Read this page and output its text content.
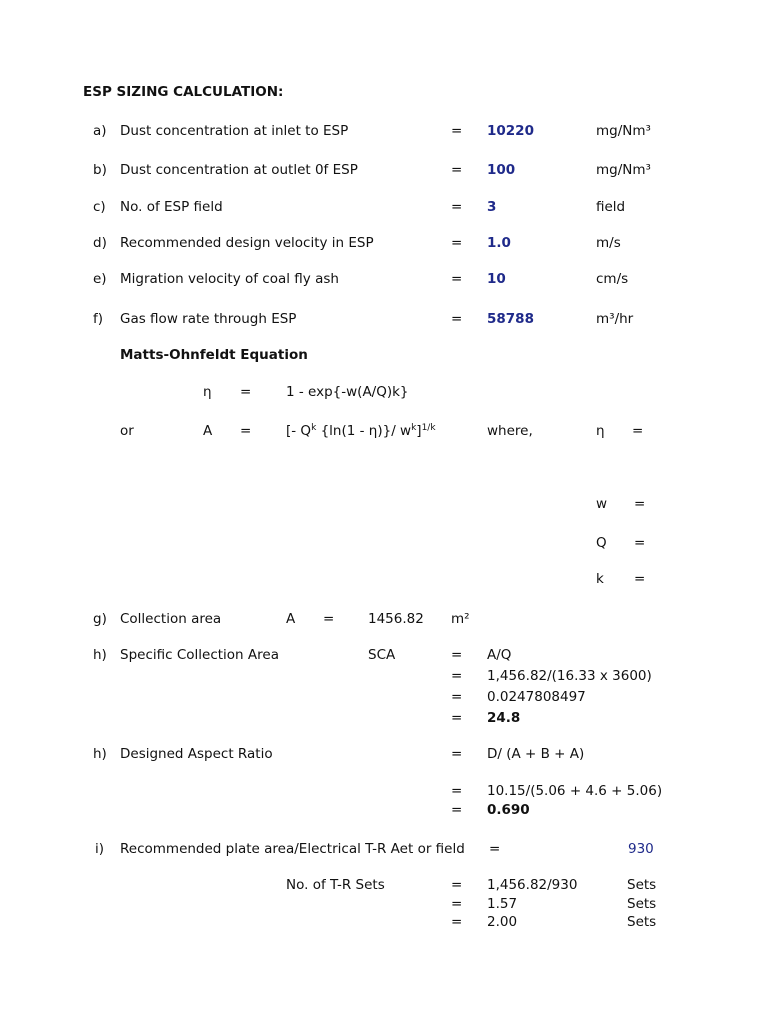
ESP SIZING CALCULATION:
a) Dust concentration at inlet to ESP	= 10220	mg/Nm³
b) Dust concentration at outlet 0f ESP	= 100	mg/Nm³
c) No. of ESP field	= 3	field
d) Recommended design velocity in ESP	= 1.0	m/s
e) Migration velocity of coal fly ash	= 10	cm/s
f) Gas flow rate through ESP	= 58788	m³/hr
Matts-Ohnfeldt Equation
η =	1 - exp{-w(A/Q)k}
or	A =	[- $Q^k$ {ln(1 - η)}/ $w^k]^{1/k}$	where,	η =
w =
Q =
k =
g) Collection area	A = 1456.82 m²
h) Specific Collection Area	SCA	= A/Q
= 1,456.82/(16.33 x 3600)
= 0.0247808497
= 24.8
h) Designed Aspect Ratio	= D/ (A + B + A)
= 10.15/(5.06 + 4.6 + 5.06)
= 0.690
i) Recommended plate area/Electrical T-R Aet or field =	930
No. of T-R Sets	= 1,456.82/930	Sets
= 1.57	Sets
= 2.00	Sets
